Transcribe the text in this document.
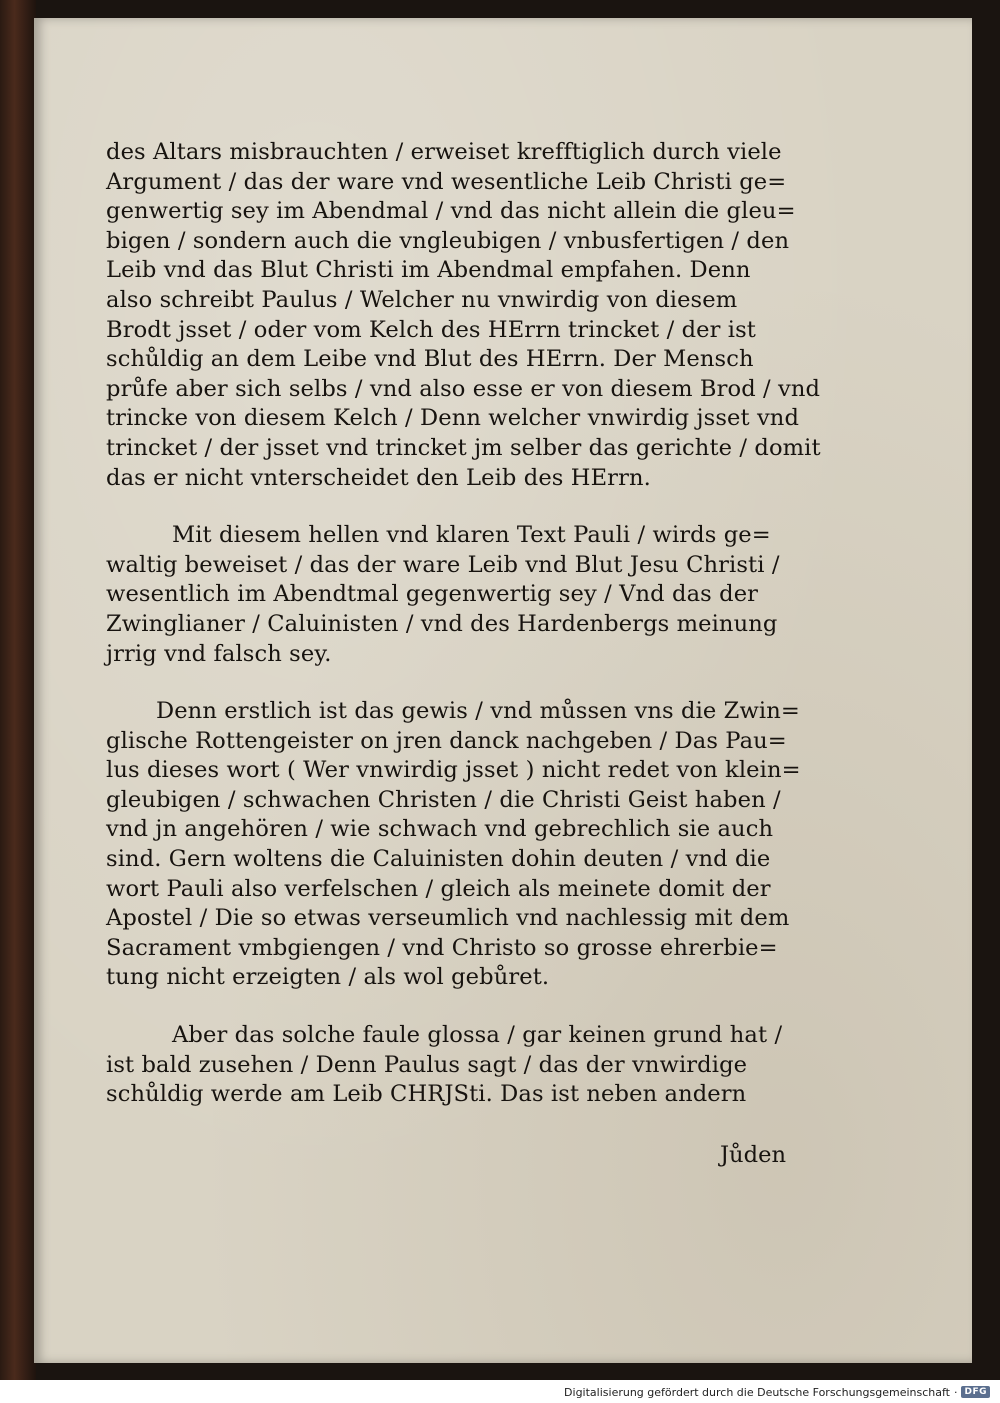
des Altars misbrauchten / erweiset krefftiglich durch viele
Argument / das der ware vnd wesentliche Leib Christi ge=
genwertig sey im Abendmal / vnd das nicht allein die gleu=
bigen / sondern auch die vngleubigen / vnbusfertigen / den
Leib vnd das Blut Christi im Abendmal empfahen. Denn
also schreibt Paulus / Welcher nu vnwirdig von diesem
Brodt jsset / oder vom Kelch des HErrn trincket / der ist
schůldig an dem Leibe vnd Blut des HErrn. Der Mensch
průfe aber sich selbs / vnd also esse er von diesem Brod / vnd
trincke von diesem Kelch / Denn welcher vnwirdig jsset vnd
trincket / der jsset vnd trincket jm selber das gerichte / domit
das er nicht vnterscheidet den Leib des HErrn.
Mit diesem hellen vnd klaren Text Pauli / wirds ge=
waltig beweiset / das der ware Leib vnd Blut Jesu Christi /
wesentlich im Abendtmal gegenwertig sey / Vnd das der
Zwinglianer / Caluinisten / vnd des Hardenbergs meinung
jrrig vnd falsch sey.
Denn erstlich ist das gewis / vnd můssen vns die Zwin=
glische Rottengeister on jren danck nachgeben / Das Pau=
lus dieses wort ( Wer vnwirdig jsset ) nicht redet von klein=
gleubigen / schwachen Christen / die Christi Geist haben /
vnd jn angehören / wie schwach vnd gebrechlich sie auch
sind. Gern woltens die Caluinisten dohin deuten / vnd die
wort Pauli also verfelschen / gleich als meinete domit der
Apostel / Die so etwas verseumlich vnd nachlessig mit dem
Sacrament vmbgiengen / vnd Christo so grosse ehrerbie=
tung nicht erzeigten / als wol gebůret.
Aber das solche faule glossa / gar keinen grund hat /
ist bald zusehen / Denn Paulus sagt / das der vnwirdige
schůldig werde am Leib CHRJSti. Das ist neben andern
Jůden
Digitalisierung gefördert durch die Deutsche Forschungsgemeinschaft · DFG
